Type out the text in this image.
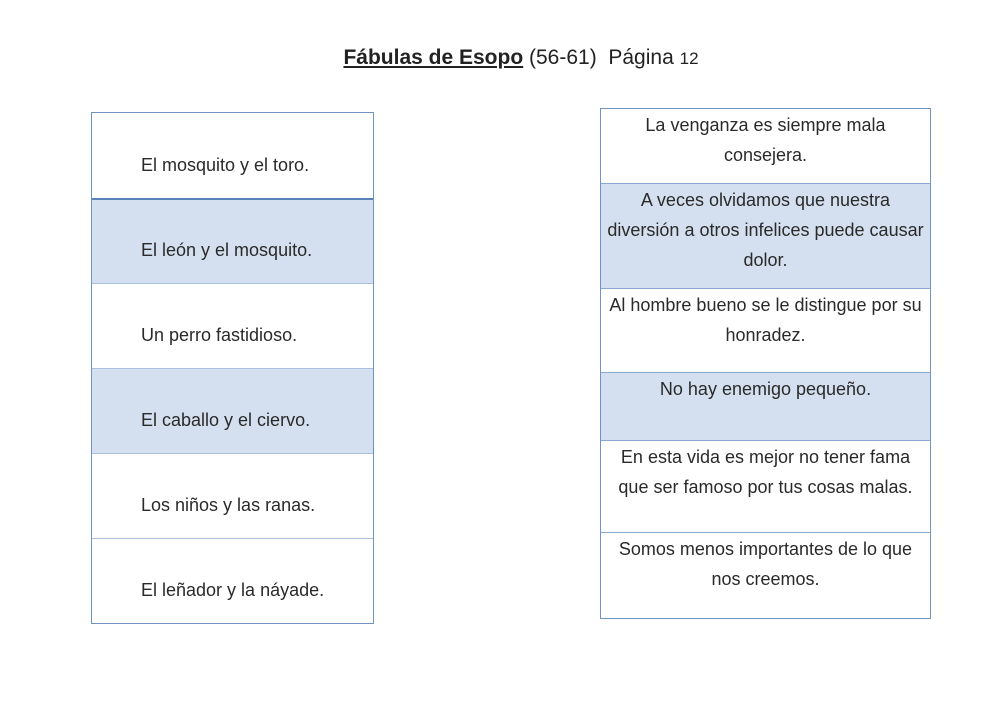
Fábulas de Esopo (56-61) Página 12
El mosquito y el toro.
El león y el mosquito.
Un perro fastidioso.
El caballo y el ciervo.
Los niños y las ranas.
El leñador y la náyade.
La venganza es siempre mala consejera.
A veces olvidamos que nuestra diversión a otros infelices puede causar dolor.
Al hombre bueno se le distingue por su honradez.
No hay enemigo pequeño.
En esta vida es mejor no tener fama que ser famoso por tus cosas malas.
Somos menos importantes de lo que nos creemos.
